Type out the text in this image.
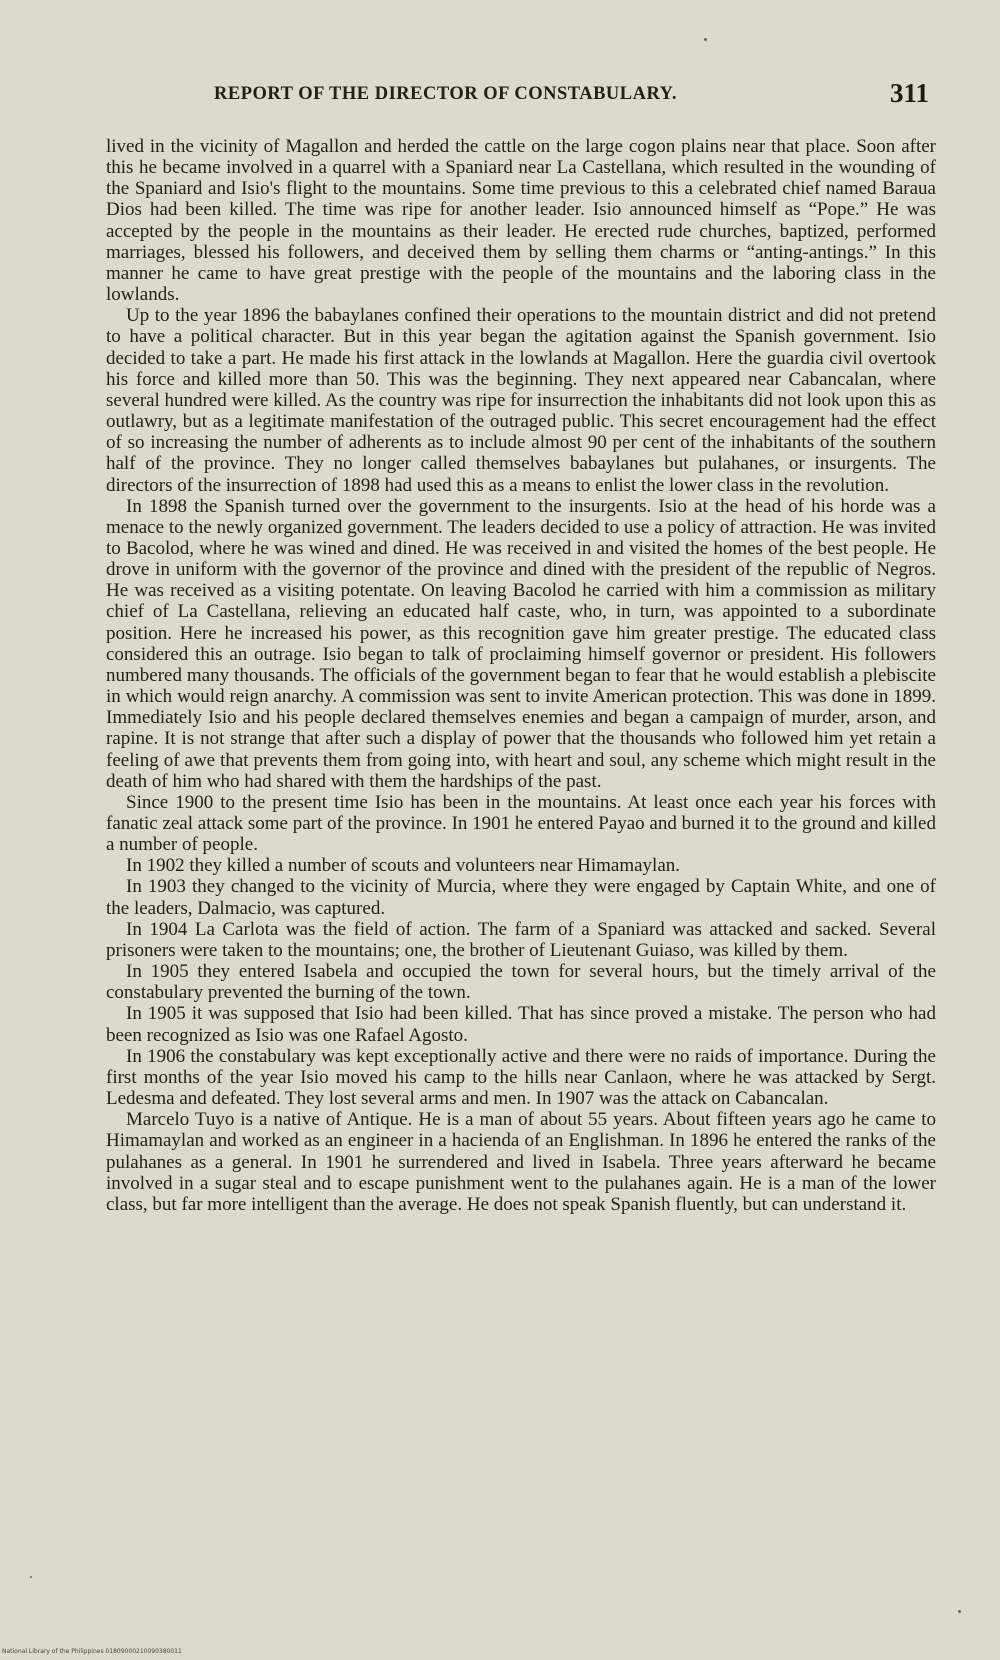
REPORT OF THE DIRECTOR OF CONSTABULARY.	311

lived in the vicinity of Magallon and herded the cattle on the large cogon plains near that place. Soon after this he became involved in a quarrel with a Spaniard near La Castellana, which resulted in the wounding of the Spaniard and Isio's flight to the mountains. Some time previous to this a celebrated chief named Baraua Dios had been killed. The time was ripe for another leader. Isio announced himself as “Pope.” He was accepted by the people in the mountains as their leader. He erected rude churches, baptized, performed marriages, blessed his followers, and deceived them by selling them charms or “anting-antings.” In this manner he came to have great prestige with the people of the mountains and the laboring class in the lowlands.

Up to the year 1896 the babaylanes confined their operations to the mountain district and did not pretend to have a political character. But in this year began the agitation against the Spanish government. Isio decided to take a part. He made his first attack in the lowlands at Magallon. Here the guardia civil overtook his force and killed more than 50. This was the beginning. They next appeared near Cabancalan, where several hundred were killed. As the country was ripe for insurrection the inhabitants did not look upon this as outlawry, but as a legitimate manifestation of the outraged public. This secret encouragement had the effect of so increasing the number of adherents as to include almost 90 per cent of the inhabitants of the southern half of the province. They no longer called themselves babaylanes but pulahanes, or insurgents. The directors of the insurrection of 1898 had used this as a means to enlist the lower class in the revolution.

In 1898 the Spanish turned over the government to the insurgents. Isio at the head of his horde was a menace to the newly organized government. The leaders decided to use a policy of attraction. He was invited to Bacolod, where he was wined and dined. He was received in and visited the homes of the best people. He drove in uniform with the governor of the province and dined with the president of the republic of Negros. He was received as a visiting potentate. On leaving Bacolod he carried with him a commission as military chief of La Castellana, relieving an educated half caste, who, in turn, was appointed to a subordinate position. Here he increased his power, as this recognition gave him greater prestige. The educated class considered this an outrage. Isio began to talk of proclaiming himself governor or president. His followers numbered many thousands. The officials of the government began to fear that he would establish a plebiscite in which would reign anarchy. A commission was sent to invite American protection. This was done in 1899. Immediately Isio and his people declared themselves enemies and began a campaign of murder, arson, and rapine. It is not strange that after such a display of power that the thousands who followed him yet retain a feeling of awe that prevents them from going into, with heart and soul, any scheme which might result in the death of him who had shared with them the hardships of the past.

Since 1900 to the present time Isio has been in the mountains. At least once each year his forces with fanatic zeal attack some part of the province. In 1901 he entered Payao and burned it to the ground and killed a number of people.

In 1902 they killed a number of scouts and volunteers near Himamaylan.

In 1903 they changed to the vicinity of Murcia, where they were engaged by Captain White, and one of the leaders, Dalmacio, was captured.

In 1904 La Carlota was the field of action. The farm of a Spaniard was attacked and sacked. Several prisoners were taken to the mountains; one, the brother of Lieutenant Guiaso, was killed by them.

In 1905 they entered Isabela and occupied the town for several hours, but the timely arrival of the constabulary prevented the burning of the town.

In 1905 it was supposed that Isio had been killed. That has since proved a mistake. The person who had been recognized as Isio was one Rafael Agosto.

In 1906 the constabulary was kept exceptionally active and there were no raids of importance. During the first months of the year Isio moved his camp to the hills near Canlaon, where he was attacked by Sergt. Ledesma and defeated. They lost several arms and men. In 1907 was the attack on Cabancalan.

Marcelo Tuyo is a native of Antique. He is a man of about 55 years. About fifteen years ago he came to Himamaylan and worked as an engineer in a hacienda of an Englishman. In 1896 he entered the ranks of the pulahanes as a general. In 1901 he surrendered and lived in Isabela. Three years afterward he became involved in a sugar steal and to escape punishment went to the pulahanes again. He is a man of the lower class, but far more intelligent than the average. He does not speak Spanish fluently, but can understand it.

National Library of the Philippines 01809000210090380011
